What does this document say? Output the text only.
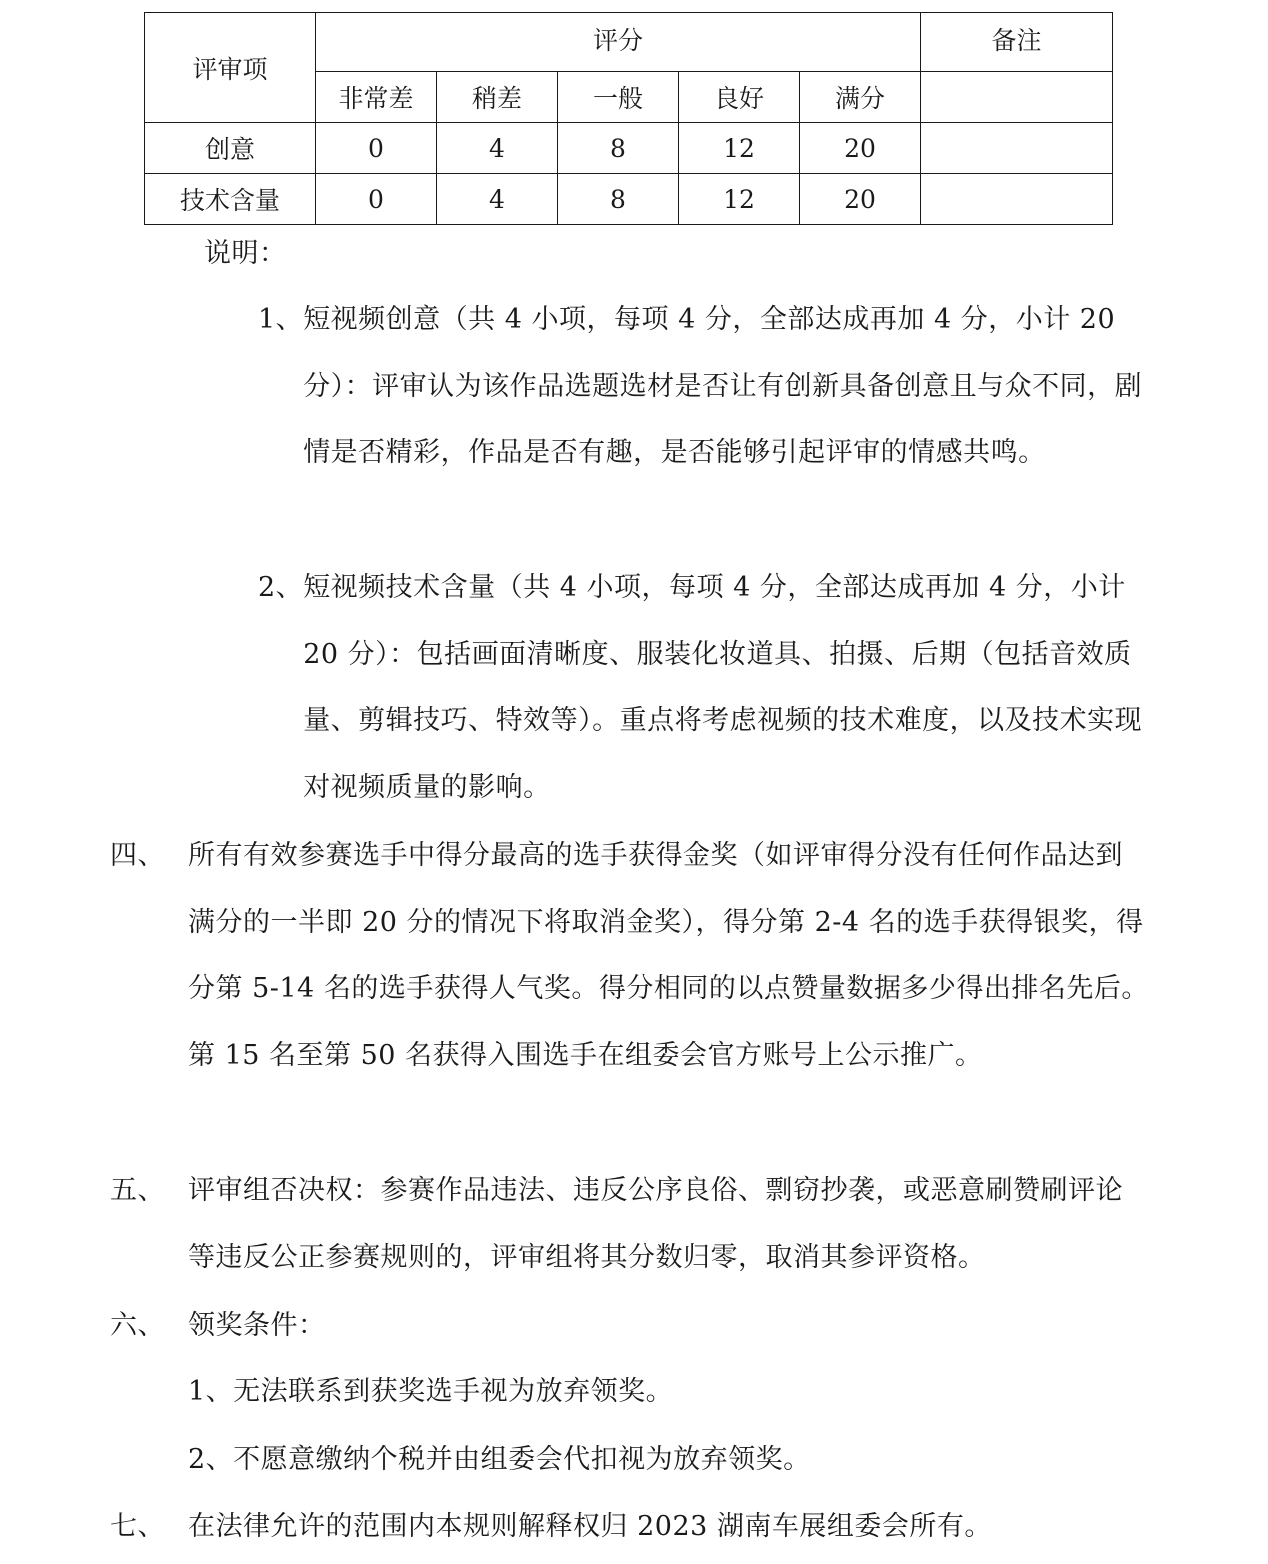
评审项	评分					备注
	非常差	稍差	一般	良好	满分	
创意	0	4	8	12	20	
技术含量	0	4	8	12	20	

说明：

1、 短视频创意（共 4 小项，每项 4 分，全部达成再加 4 分，小计 20 分）：评审认为该作品选题选材是否让有创新具备创意且与众不同，剧情是否精彩，作品是否有趣，是否能够引起评审的情感共鸣。
2、 短视频技术含量（共 4 小项，每项 4 分，全部达成再加 4 分，小计 20 分）：包括画面清晰度、服装化妆道具、拍摄、后期（包括音效质量、剪辑技巧、特效等）。重点将考虑视频的技术难度，以及技术实现对视频质量的影响。
四、 所有有效参赛选手中得分最高的选手获得金奖（如评审得分没有任何作品达到满分的一半即 20 分的情况下将取消金奖），得分第 2-4 名的选手获得银奖，得分第 5-14 名的选手获得人气奖。得分相同的以点赞量数据多少得出排名先后。第 15 名至第 50 名获得入围选手在组委会官方账号上公示推广。
五、 评审组否决权：参赛作品违法、违反公序良俗、剽窃抄袭，或恶意刷赞刷评论等违反公正参赛规则的，评审组将其分数归零，取消其参评资格。
六、 领奖条件：

1、无法联系到获奖选手视为放弃领奖。

2、不愿意缴纳个税并由组委会代扣视为放弃领奖。

七、 在法律允许的范围内本规则解释权归 2023 湖南车展组委会所有。
